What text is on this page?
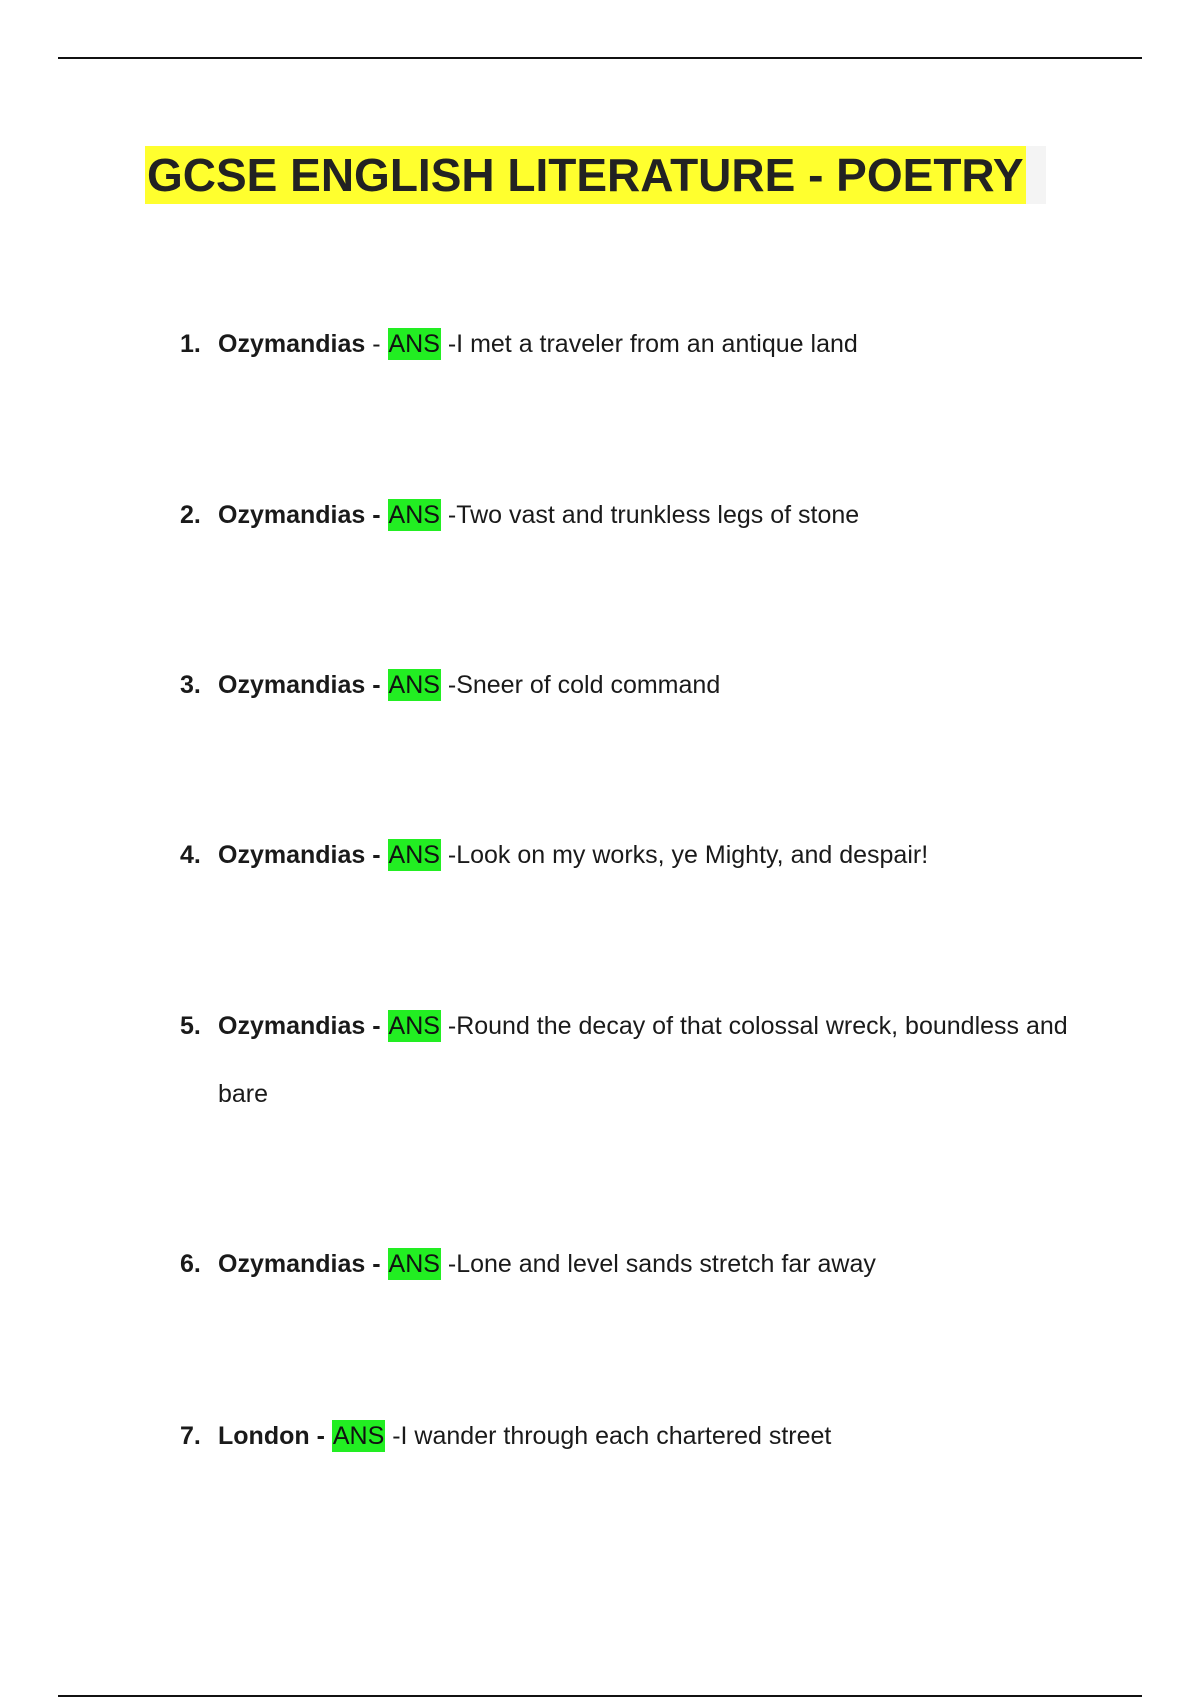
GCSE ENGLISH LITERATURE - POETRY
1. Ozymandias - ANS -I met a traveler from an antique land
2. Ozymandias - ANS -Two vast and trunkless legs of stone
3. Ozymandias - ANS -Sneer of cold command
4. Ozymandias - ANS -Look on my works, ye Mighty, and despair!
5. Ozymandias - ANS -Round the decay of that colossal wreck, boundless and bare
6. Ozymandias - ANS -Lone and level sands stretch far away
7. London - ANS -I wander through each chartered street
